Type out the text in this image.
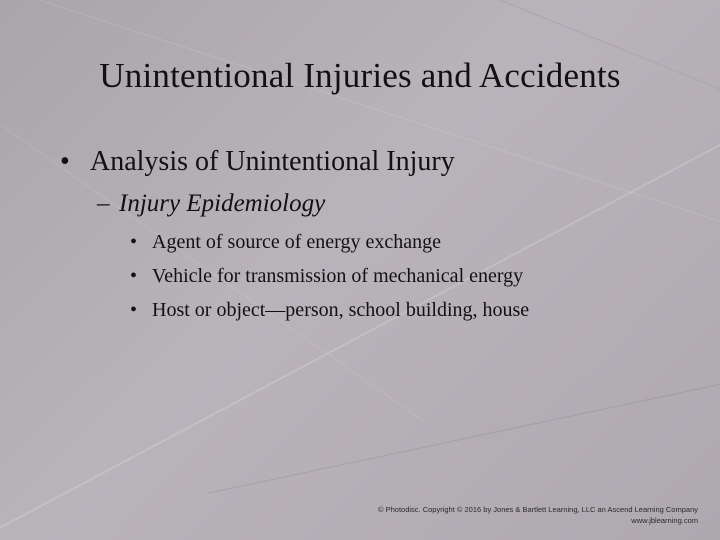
Unintentional Injuries and Accidents
• Analysis of Unintentional Injury
– Injury Epidemiology
• Agent of source of energy exchange
• Vehicle for transmission of mechanical energy
• Host or object—person, school building, house
© Photodisc. Copyright © 2016 by Jones & Bartlett Learning, LLC an Ascend Learning Company
www.jblearning.com
